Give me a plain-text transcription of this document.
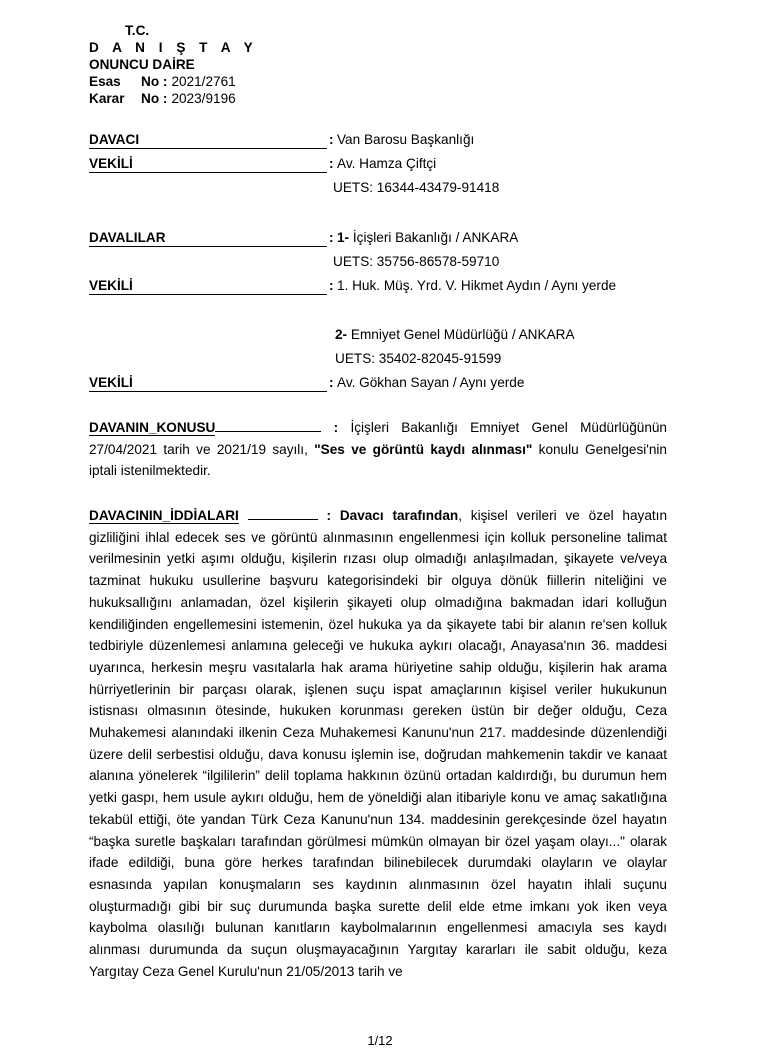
T.C.
D A N I Ş T A Y
ONUNCU DAİRE
Esas	No : 2021/2761
Karar	No : 2023/9196
DAVACI	: Van Barosu Başkanlığı
VEKİLİ	: Av. Hamza Çiftçi
UETS: 16344-43479-91418
DAVALILAR	: 1- İçişleri Bakanlığı / ANKARA
UETS: 35756-86578-59710
VEKİLİ	: 1. Huk. Müş. Yrd. V. Hikmet Aydın / Aynı yerde
2- Emniyet Genel Müdürlüğü / ANKARA
UETS: 35402-82045-91599
VEKİLİ	: Av. Gökhan Sayan / Aynı yerde
DAVANIN_KONUSU	: İçişleri Bakanlığı Emniyet Genel Müdürlüğünün 27/04/2021 tarih ve 2021/19 sayılı, "Ses ve görüntü kaydı alınması" konulu Genelgesi'nin iptali istenilmektedir.
DAVACININ_İDDİALARI	: Davacı tarafından, kişisel verileri ve özel hayatın gizliliğini ihlal edecek ses ve görüntü alınmasının engellenmesi için kolluk personeline talimat verilmesinin yetki aşımı olduğu, kişilerin rızası olup olmadığı anlaşılmadan, şikayete ve/veya tazminat hukuku usullerine başvuru kategorisindeki bir olguya dönük fiillerin niteliğini ve hukuksallığını anlamadan, özel kişilerin şikayeti olup olmadığına bakmadan idari kolluğun kendiliğinden engellemesini istemenin, özel hukuka ya da şikayete tabi bir alanın re'sen kolluk tedbiriyle düzenlemesi anlamına geleceği ve hukuka aykırı olacağı, Anayasa'nın 36. maddesi uyarınca, herkesin meşru vasıtalarla hak arama hüriyetine sahip olduğu, kişilerin hak arama hürriyetlerinin bir parçası olarak, işlenen suçu ispat amaçlarının kişisel veriler hukukunun istisnası olmasının ötesinde, hukuken korunması gereken üstün bir değer olduğu, Ceza Muhakemesi alanındaki ilkenin Ceza Muhakemesi Kanunu'nun 217. maddesinde düzenlendiği üzere delil serbestisi olduğu, dava konusu işlemin ise, doğrudan mahkemenin takdir ve kanaat alanına yönelerek “ilgililerin” delil toplama hakkının özünü ortadan kaldırdığı, bu durumun hem yetki gaspı, hem usule aykırı olduğu, hem de yöneldiği alan itibariyle konu ve amaç sakatlığına tekabül ettiği, öte yandan Türk Ceza Kanunu'nun 134. maddesinin gerekçesinde özel hayatın “başka suretle başkaları tarafından görülmesi mümkün olmayan bir özel yaşam olayı..." olarak ifade edildiği, buna göre herkes tarafından bilinebilecek durumdaki olayların ve olaylar esnasında yapılan konuşmaların ses kaydının alınmasının özel hayatın ihlali suçunu oluşturmadığı gibi bir suç durumunda başka surette delil elde etme imkanı yok iken veya kaybolma olasılığı bulunan kanıtların kaybolmalarının engellenmesi amacıyla ses kaydı alınması durumunda da suçun oluşmayacağının Yargıtay kararları ile sabit olduğu, keza Yargıtay Ceza Genel Kurulu'nun 21/05/2013 tarih ve
1/12
